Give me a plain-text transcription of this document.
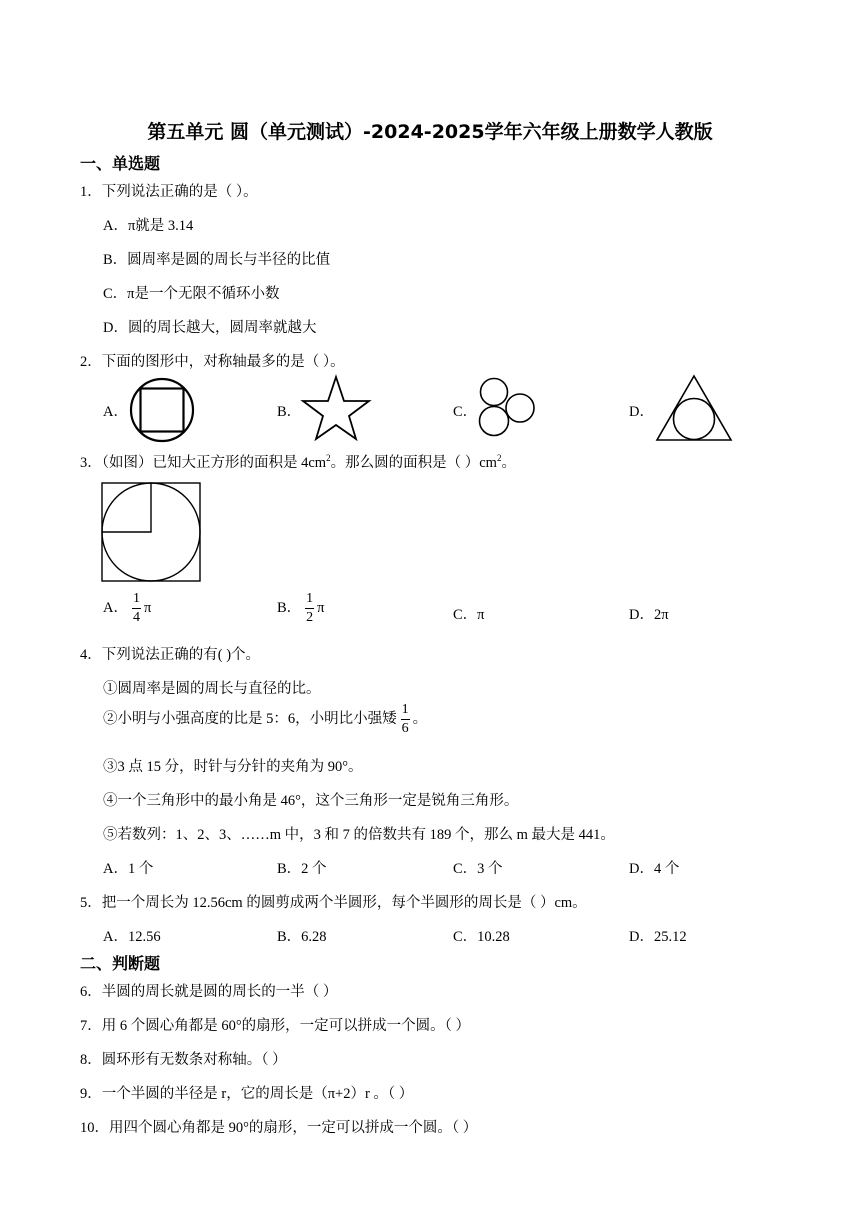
第五单元 圆（单元测试）-2024-2025学年六年级上册数学人教版
一、单选题
1．下列说法正确的是（ ）。
A．π就是 3.14
B．圆周率是圆的周长与半径的比值
C．π是一个无限不循环小数
D．圆的周长越大，圆周率就越大
2．下面的图形中，对称轴最多的是（ ）。
A．	B．	C．	D．
3．（如图）已知大正方形的面积是 $4cm^2$。那么圆的面积是（ ）$cm^2$。
A． $\frac{1}{4}$ π	B． $\frac{1}{2}$ π	C．π	D．2π
4．下列说法正确的有( )个。
①圆周率是圆的周长与直径的比。
②小明与小强高度的比是 5：6，小明比小强矮 $\frac{1}{6}$ 。
③3 点 15 分，时针与分针的夹角为 90°。
④一个三角形中的最小角是 46°，这个三角形一定是锐角三角形。
⑤若数列：1、2、3、……m 中，3 和 7 的倍数共有 189 个，那么 m 最大是 441。
A．1 个	B．2 个	C．3 个	D．4 个
5．把一个周长为 12.56cm 的圆剪成两个半圆形，每个半圆形的周长是（ ）cm。
A．12.56	B．6.28	C．10.28	D．25.12
二、判断题
6．半圆的周长就是圆的周长的一半（ ）
7．用 6 个圆心角都是 60°的扇形，一定可以拼成一个圆。（ ）
8．圆环形有无数条对称轴。（ ）
9．一个半圆的半径是 r，它的周长是（π+2）r 。（ ）
10．用四个圆心角都是 90°的扇形，一定可以拼成一个圆。（ ）
